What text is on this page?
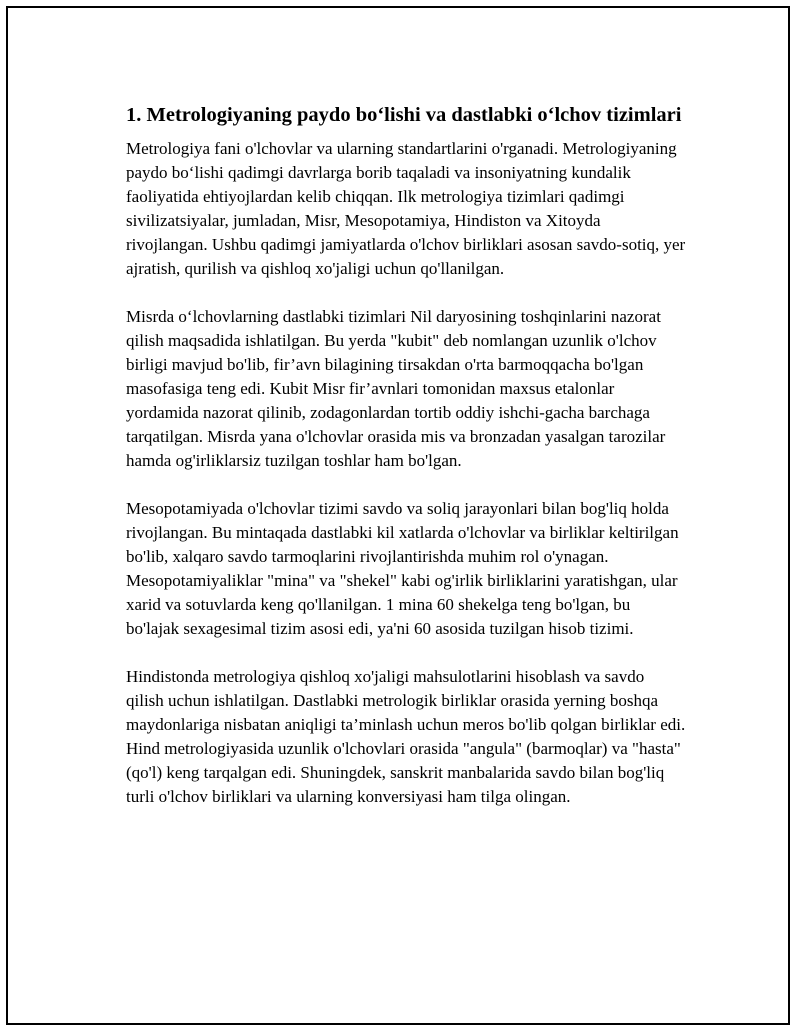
1. Metrologiyaning paydo boʻlishi va dastlabki oʻlchov tizimlari

Metrologiya fani o'lchovlar va ularning standartlarini o'rganadi. Metrologiyaning paydo boʻlishi qadimgi davrlarga borib taqaladi va insoniyatning kundalik faoliyatida ehtiyojlardan kelib chiqqan. Ilk metrologiya tizimlari qadimgi sivilizatsiyalar, jumladan, Misr, Mesopotamiya, Hindiston va Xitoyda rivojlangan. Ushbu qadimgi jamiyatlarda o'lchov birliklari asosan savdo-sotiq, yer ajratish, qurilish va qishloq xo'jaligi uchun qo'llanilgan.

Misrda oʻlchovlarning dastlabki tizimlari Nil daryosining toshqinlarini nazorat qilish maqsadida ishlatilgan. Bu yerda "kubit" deb nomlangan uzunlik o'lchov birligi mavjud bo'lib, fir’avn bilagining tirsakdan o'rta barmoqqacha bo'lgan masofasiga teng edi. Kubit Misr fir’avnlari tomonidan maxsus etalonlar yordamida nazorat qilinib, zodagonlardan tortib oddiy ishchi-gacha barchaga tarqatilgan. Misrda yana o'lchovlar orasida mis va bronzadan yasalgan tarozilar hamda og'irliklarsiz tuzilgan toshlar ham bo'lgan.

Mesopotamiyada o'lchovlar tizimi savdo va soliq jarayonlari bilan bog'liq holda rivojlangan. Bu mintaqada dastlabki kil xatlarda o'lchovlar va birliklar keltirilgan bo'lib, xalqaro savdo tarmoqlarini rivojlantirishda muhim rol o'ynagan. Mesopotamiyaliklar "mina" va "shekel" kabi og'irlik birliklarini yaratishgan, ular xarid va sotuvlarda keng qo'llanilgan. 1 mina 60 shekelga teng bo'lgan, bu bo'lajak sexagesimal tizim asosi edi, ya'ni 60 asosida tuzilgan hisob tizimi.

Hindistonda metrologiya qishloq xo'jaligi mahsulotlarini hisoblash va savdo qilish uchun ishlatilgan. Dastlabki metrologik birliklar orasida yerning boshqa maydonlariga nisbatan aniqligi ta’minlash uchun meros bo'lib qolgan birliklar edi. Hind metrologiyasida uzunlik o'lchovlari orasida "angula" (barmoqlar) va "hasta" (qo'l) keng tarqalgan edi. Shuningdek, sanskrit manbalarida savdo bilan bog'liq turli o'lchov birliklari va ularning konversiyasi ham tilga olingan.
